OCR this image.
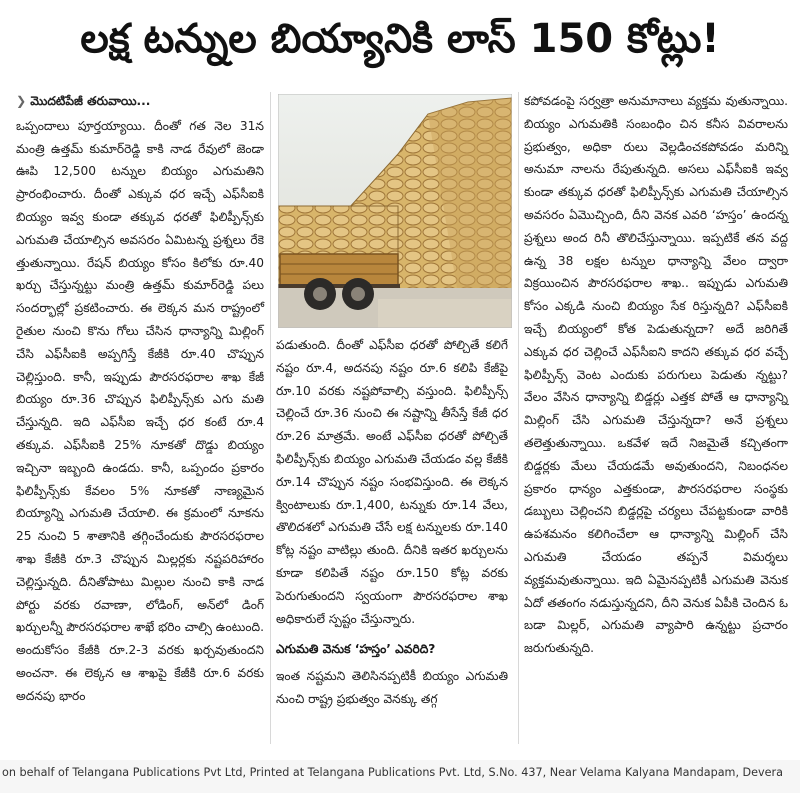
లక్ష టన్నుల బియ్యానికి లాస్‌ 150 కోట్లు!

❯ మొదటిపేజీ తరువాయి...

ఒప్పందాలు పూర్తయ్యాయి. దీంతో గత నెల 31న మంత్రి ఉత్తమ్‌ కుమార్‌రెడ్డి కాకి నాడ రేవులో జెండా ఊపి 12,500 టన్నుల బియ్యం ఎగుమతిని ప్రారంభించారు. దీంతో ఎక్కువ ధర ఇచ్చే ఎఫ్‌సీఐకి బియ్యం ఇవ్వ కుండా తక్కువ ధరతో ఫిలిప్పీన్స్‌కు ఎగుమతి చేయాల్సిన అవసరం ఏమిటన్న ప్రశ్నలు రేకె త్తుతున్నాయి. రేషన్‌ బియ్యం కోసం కిలోకు రూ.40 ఖర్చు చేస్తున్నట్టు మంత్రి ఉత్తమ్‌ కుమార్‌రెడ్డి పలు సందర్భాల్లో ప్రకటించారు. ఈ లెక్కన మన రాష్ట్రంలో రైతుల నుంచి కొను గోలు చేసిన ధాన్యాన్ని మిల్లింగ్‌ చేసి ఎఫ్‌సీఐకి అప్పగిస్తే కేజీకి రూ.40 చొప్పున చెల్లిస్తుంది. కానీ, ఇప్పుడు పౌరసరఫరాల శాఖ కేజీ బియ్యం రూ.36 చొప్పున ఫిలిప్పీన్స్‌కు ఎగు మతి చేస్తున్నది. ఇది ఎఫ్‌సీఐ ఇచ్చే ధర కంటే రూ.4 తక్కువ. ఎఫ్‌సీఐకి 25% నూకతో దొడ్డు బియ్యం ఇచ్చినా ఇబ్బంది ఉండదు. కానీ, ఒప్పందం ప్రకారం ఫిలిప్పీన్స్‌కు కేవలం 5% నూకతో నాణ్యమైన బియ్యాన్ని ఎగుమతి చేయాలి. ఈ క్రమంలో నూకను 25 నుంచి 5 శాతానికి తగ్గించేందుకు పౌరసరఫరాల శాఖ కేజీకి రూ.3 చొప్పున మిల్లర్లకు నష్టపరిహారం చెల్లిస్తున్నది. దీనితోపాటు మిల్లుల నుంచి కాకి నాడ పోర్టు వరకు రవాణా, లోడింగ్‌, అన్‌లో డింగ్‌ ఖర్చులన్నీ పౌరసరఫరాల శాఖే భరిం చాల్సి ఉంటుంది. అందుకోసం కేజీకి రూ.2-3 వరకు ఖర్చవుతుందని అంచనా. ఈ లెక్కన ఆ శాఖపై కేజీకి రూ.6 వరకు అదనపు భారం

పడుతుంది. దీంతో ఎఫ్‌సీఐ ధరతో పోల్చితే కలిగే నష్టం రూ.4, అదనపు నష్టం రూ.6 కలిపి కేజీపై రూ.10 వరకు నష్టపోవాల్సి వస్తుంది. ఫిలిప్పీన్స్‌ చెల్లించే రూ.36 నుంచి ఈ నష్టాన్ని తీసేస్తే కేజీ ధర రూ.26 మాత్రమే. అంటే ఎఫ్‌సీఐ ధరతో పోల్చితే ఫిలిప్పీన్స్‌కు బియ్యం ఎగుమతి చేయడం వల్ల కేజీకి రూ.14 చొప్పున నష్టం సంభవిస్తుంది. ఈ లెక్కన క్వింటాలుకు రూ.1,400, టన్నుకు రూ.14 వేలు, తొలిదశలో ఎగుమతి చేసే లక్ష టన్నులకు రూ.140 కోట్ల నష్టం వాటిల్లు తుంది. దీనికి ఇతర ఖర్చులను కూడా కలిపితే నష్టం రూ.150 కోట్ల వరకు పెరుగుతుందని స్వయంగా పౌరసరఫరాల శాఖ అధికారులే స్పష్టం చేస్తున్నారు.

ఎగుమతి వెనుక ‘హస్తం’ ఎవరిది?

ఇంత నష్టమని తెలిసినప్పటికీ బియ్యం ఎగుమతి నుంచి రాష్ట్ర ప్రభుత్వం వెనక్కు తగ్గ

కపోవడంపై సర్వత్రా అనుమానాలు వ్యక్తమ వుతున్నాయి. బియ్యం ఎగుమతికి సంబంధిం చిన కనీస వివరాలను ప్రభుత్వం, అధికా రులు వెల్లడించకపోవడం మరిన్ని అనుమా నాలను రేపుతున్నది. అసలు ఎఫ్‌సీఐకి ఇవ్వ కుండా తక్కువ ధరతో ఫిలిప్పీన్స్‌కు ఎగుమతి చేయాల్సిన అవసరం ఏమొచ్చింది, దీని వెనక ఎవరి ‘హస్తం’ ఉందన్న ప్రశ్నలు అంద రినీ తొలిచేస్తున్నాయి. ఇప్పటికే తన వద్ద ఉన్న 38 లక్షల టన్నుల ధాన్యాన్ని వేలం ద్వారా విక్రయించిన పౌరసరఫరాల శాఖ.. ఇప్పుడు ఎగుమతి కోసం ఎక్కడి నుంచి బియ్యం సేక రిస్తున్నది? ఎఫ్‌సీఐకి ఇచ్చే బియ్యంలో కోత పెడుతున్నదా? అదే జరిగితే ఎక్కువ ధర చెల్లించే ఎఫ్‌సీఐని కాదని తక్కువ ధర వచ్చే ఫిలిప్పీన్స్‌ వెంట ఎందుకు పరుగులు పెడుతు న్నట్టు? వేలం వేసిన ధాన్యాన్ని బిడ్డర్లు ఎత్తక పోతే ఆ ధాన్యాన్ని మిల్లింగ్‌ చేసి ఎగుమతి చేస్తున్నదా? అనే ప్రశ్నలు తలెత్తుతున్నాయి. ఒకవేళ ఇదే నిజమైతే కచ్చితంగా బిడ్డర్లకు మేలు చేయడమే అవుతుందని, నిబంధనల ప్రకారం ధాన్యం ఎత్తకుండా, పౌరసరఫరాల సంస్థకు డబ్బులు చెల్లించని బిడ్డర్లపై చర్యలు చేపట్టకుండా వారికి ఉపశమనం కలిగించేలా ఆ ధాన్యాన్ని మిల్లింగ్‌ చేసి ఎగుమతి చేయడం తప్పనే విమర్శలు వ్యక్తమవుతున్నాయి. ఇది ఏమైనప్పటికీ ఎగుమతి వెనుక ఏదో తతంగం నడుస్తున్నదని, దీని వెనుక ఏపీకి చెందిన ఓ బడా మిల్లర్‌, ఎగుమతి వ్యాపారి ఉన్నట్టు ప్రచారం జరుగుతున్నది.

on behalf of Telangana Publications Pvt Ltd, Printed at Telangana Publications Pvt. Ltd, S.No. 437, Near Velama Kalyana Mandapam, Devera
